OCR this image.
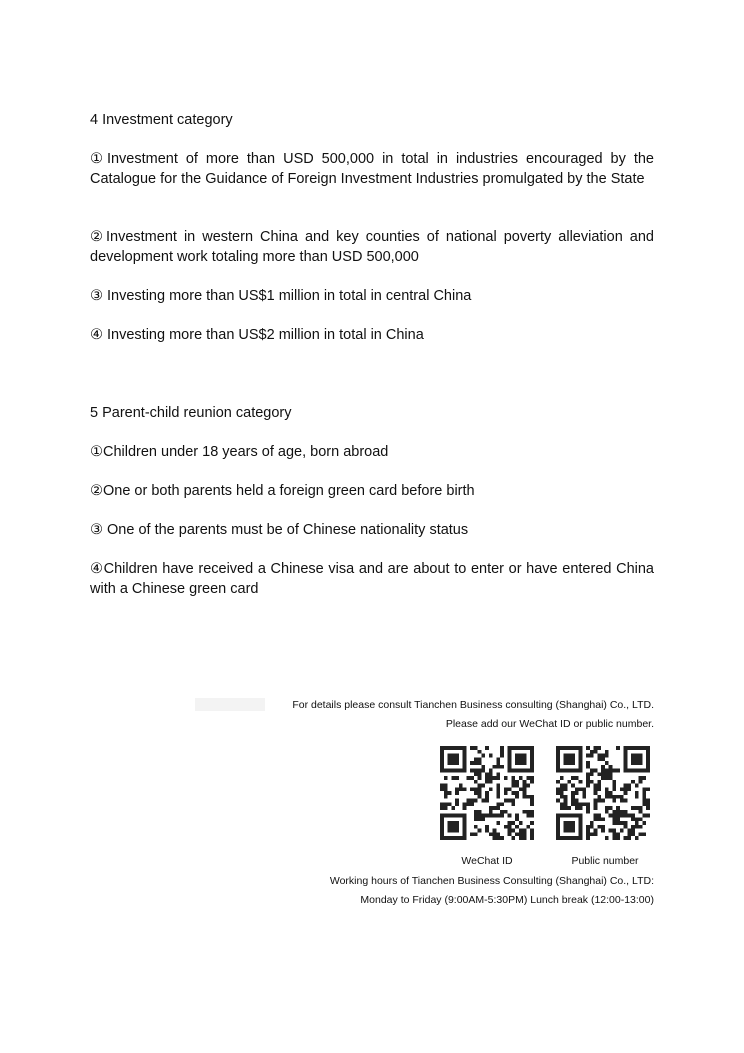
4 Investment category
①Investment of more than USD 500,000 in total in industries encouraged by the Catalogue for the Guidance of Foreign Investment Industries promulgated by the State
②Investment in western China and key counties of national poverty alleviation and development work totaling more than USD 500,000
③ Investing more than US$1 million in total in central China
④ Investing more than US$2 million in total in China
5 Parent-child reunion category
①Children under 18 years of age, born abroad
②One or both parents held a foreign green card before birth
③ One of the parents must be of Chinese nationality status
④Children have received a Chinese visa and are about to enter or have entered China with a Chinese green card
For details please consult Tianchen Business consulting (Shanghai) Co., LTD.
Please add our WeChat ID or public number.
WeChat ID	Public number
Working hours of Tianchen Business Consulting (Shanghai) Co., LTD:
Monday to Friday (9:00AM-5:30PM) Lunch break (12:00-13:00)
